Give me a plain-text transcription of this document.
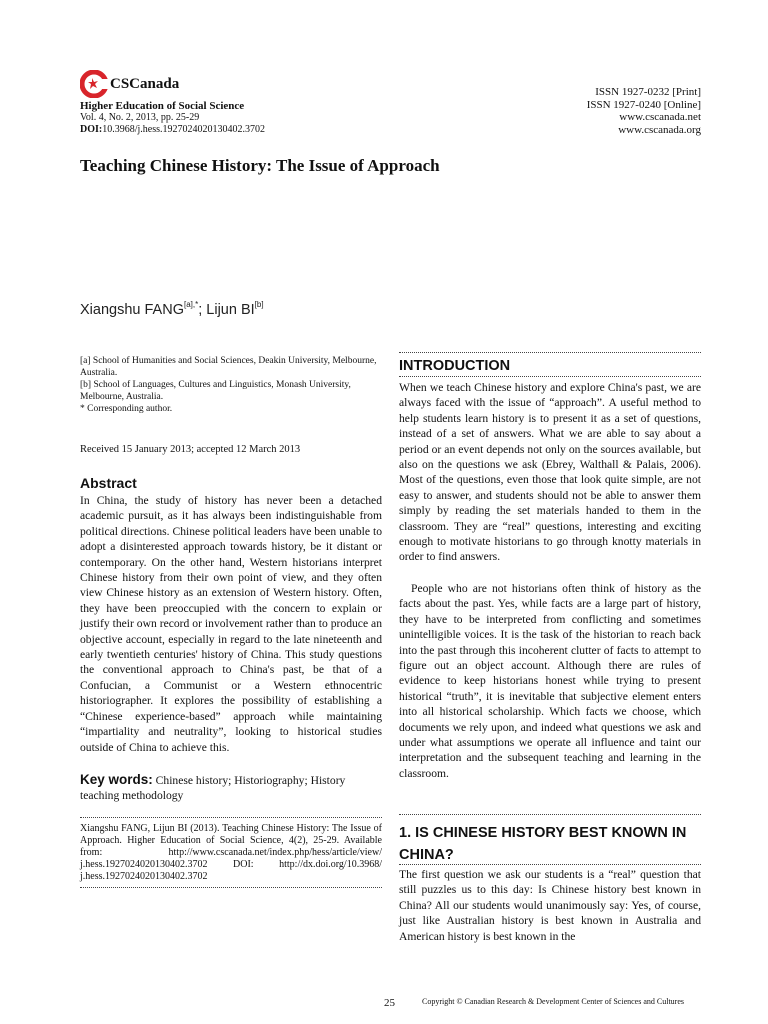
CSCanada
Higher Education of Social Science
Vol. 4, No. 2, 2013, pp. 25-29
DOI:10.3968/j.hess.1927024020130402.3702
ISSN 1927-0232 [Print]
ISSN 1927-0240 [Online]
www.cscanada.net
www.cscanada.org
Teaching Chinese History: The Issue of Approach
Xiangshu $FANG^{[a],*}$; Lijun BI[b]
[a] School of Humanities and Social Sciences, Deakin University, Melbourne, Australia.
[b] School of Languages, Cultures and Linguistics, Monash University, Melbourne, Australia.
* Corresponding author.
Received 15 January 2013; accepted 12 March 2013
Abstract
In China, the study of history has never been a detached academic pursuit, as it has always been indistinguishable from political directions. Chinese political leaders have been unable to adopt a disinterested approach towards history, be it distant or contemporary. On the other hand, Western historians interpret Chinese history from their own point of view, and they often view Chinese history as an extension of Western history. Often, they have been preoccupied with the concern to explain or justify their own record or involvement rather than to produce an objective account, especially in regard to the late nineteenth and early twentieth centuries' history of China. This study questions the conventional approach to China's past, be that of a Confucian, a Communist or a Western ethnocentric historiographer. It explores the possibility of establishing a “Chinese experience-based” approach while maintaining “impartiality and neutrality”, looking to historical studies outside of China to achieve this.
Key words: Chinese history; Historiography; History teaching methodology
Xiangshu FANG, Lijun BI (2013). Teaching Chinese History: The Issue of Approach. Higher Education of Social Science, 4(2), 25-29. Available from: http://www.cscanada.net/index.php/hess/article/view/ j.hess.1927024020130402.3702 DOI: http://dx.doi.org/10.3968/ j.hess.1927024020130402.3702
INTRODUCTION
When we teach Chinese history and explore China's past, we are always faced with the issue of “approach”. A useful method to help students learn history is to present it as a set of questions, instead of a set of answers. What we are able to say about a period or an event depends not only on the sources available, but also on the questions we ask (Ebrey, Walthall & Palais, 2006). Most of the questions, even those that look quite simple, are not easy to answer, and students should not be able to answer them simply by reading the set materials handed to them in the classroom. They are “real” questions, interesting and exciting enough to motivate historians to go through knotty materials in order to find answers.
People who are not historians often think of history as the facts about the past. Yes, while facts are a large part of history, they have to be interpreted from conflicting and sometimes unintelligible voices. It is the task of the historian to reach back into the past through this incoherent clutter of facts to attempt to figure out an object account. Although there are rules of evidence to keep historians honest while trying to present historical “truth”, it is inevitable that subjective element enters into all historical scholarship. Which facts we choose, which documents we rely upon, and indeed what questions we ask and under what assumptions we operate all influence and taint our interpretation and the subsequent teaching and learning in the classroom.
1. IS CHINESE HISTORY BEST KNOWN IN CHINA?
The first question we ask our students is a “real” question that still puzzles us to this day: Is Chinese history best known in China? All our students would unanimously say: Yes, of course, just like Australian history is best known in Australia and American history is best known in the
25	Copyright © Canadian Research & Development Center of Sciences and Cultures
